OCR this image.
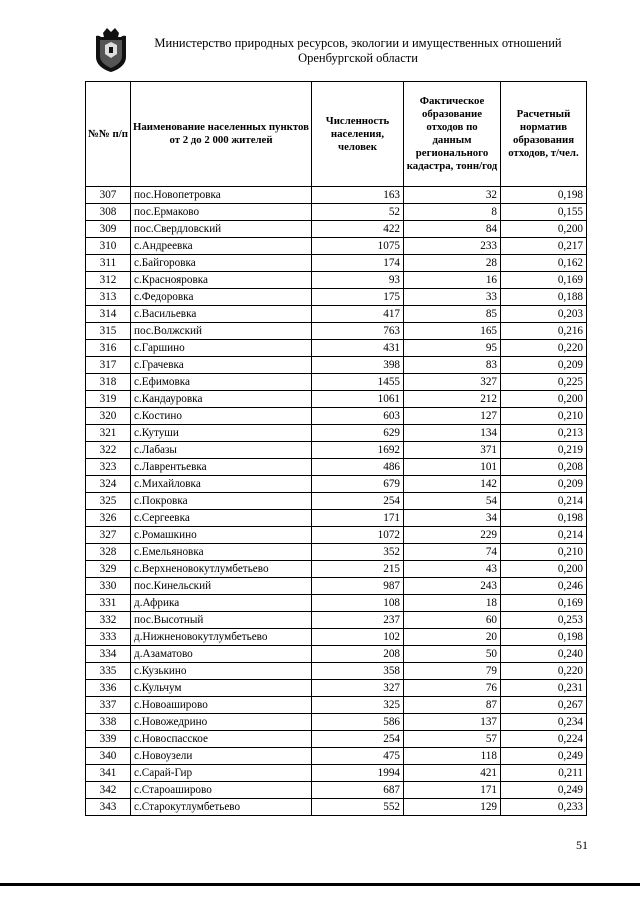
Министерство природных ресурсов, экологии и имущественных отношений
Оренбургской области
№№ п/п	Наименование населенных пунктов от 2 до 2 000 жителей	Численность населения, человек	Фактическое образование отходов по данным регионального кадастра, тонн/год	Расчетный норматив образования отходов, т/чел.
307	пос.Новопетровка	163	32	0,198
308	пос.Ермаково	52	8	0,155
309	пос.Свердловский	422	84	0,200
310	с.Андреевка	1075	233	0,217
311	с.Байгоровка	174	28	0,162
312	с.Краснояровка	93	16	0,169
313	с.Федоровка	175	33	0,188
314	с.Васильевка	417	85	0,203
315	пос.Волжский	763	165	0,216
316	с.Гаршино	431	95	0,220
317	с.Грачевка	398	83	0,209
318	с.Ефимовка	1455	327	0,225
319	с.Кандауровка	1061	212	0,200
320	с.Костино	603	127	0,210
321	с.Кутуши	629	134	0,213
322	с.Лабазы	1692	371	0,219
323	с.Лаврентьевка	486	101	0,208
324	с.Михайловка	679	142	0,209
325	с.Покровка	254	54	0,214
326	с.Сергеевка	171	34	0,198
327	с.Ромашкино	1072	229	0,214
328	с.Емельяновка	352	74	0,210
329	с.Верхненовокутлумбетьево	215	43	0,200
330	пос.Кинельский	987	243	0,246
331	д.Африка	108	18	0,169
332	пос.Высотный	237	60	0,253
333	д.Нижненовокутлумбетьево	102	20	0,198
334	д.Азаматово	208	50	0,240
335	с.Кузькино	358	79	0,220
336	с.Кульчум	327	76	0,231
337	с.Новоаширово	325	87	0,267
338	с.Новожедрино	586	137	0,234
339	с.Новоспасское	254	57	0,224
340	с.Новоузели	475	118	0,249
341	с.Сарай-Гир	1994	421	0,211
342	с.Староаширово	687	171	0,249
343	с.Старокутлумбетьево	552	129	0,233
51
